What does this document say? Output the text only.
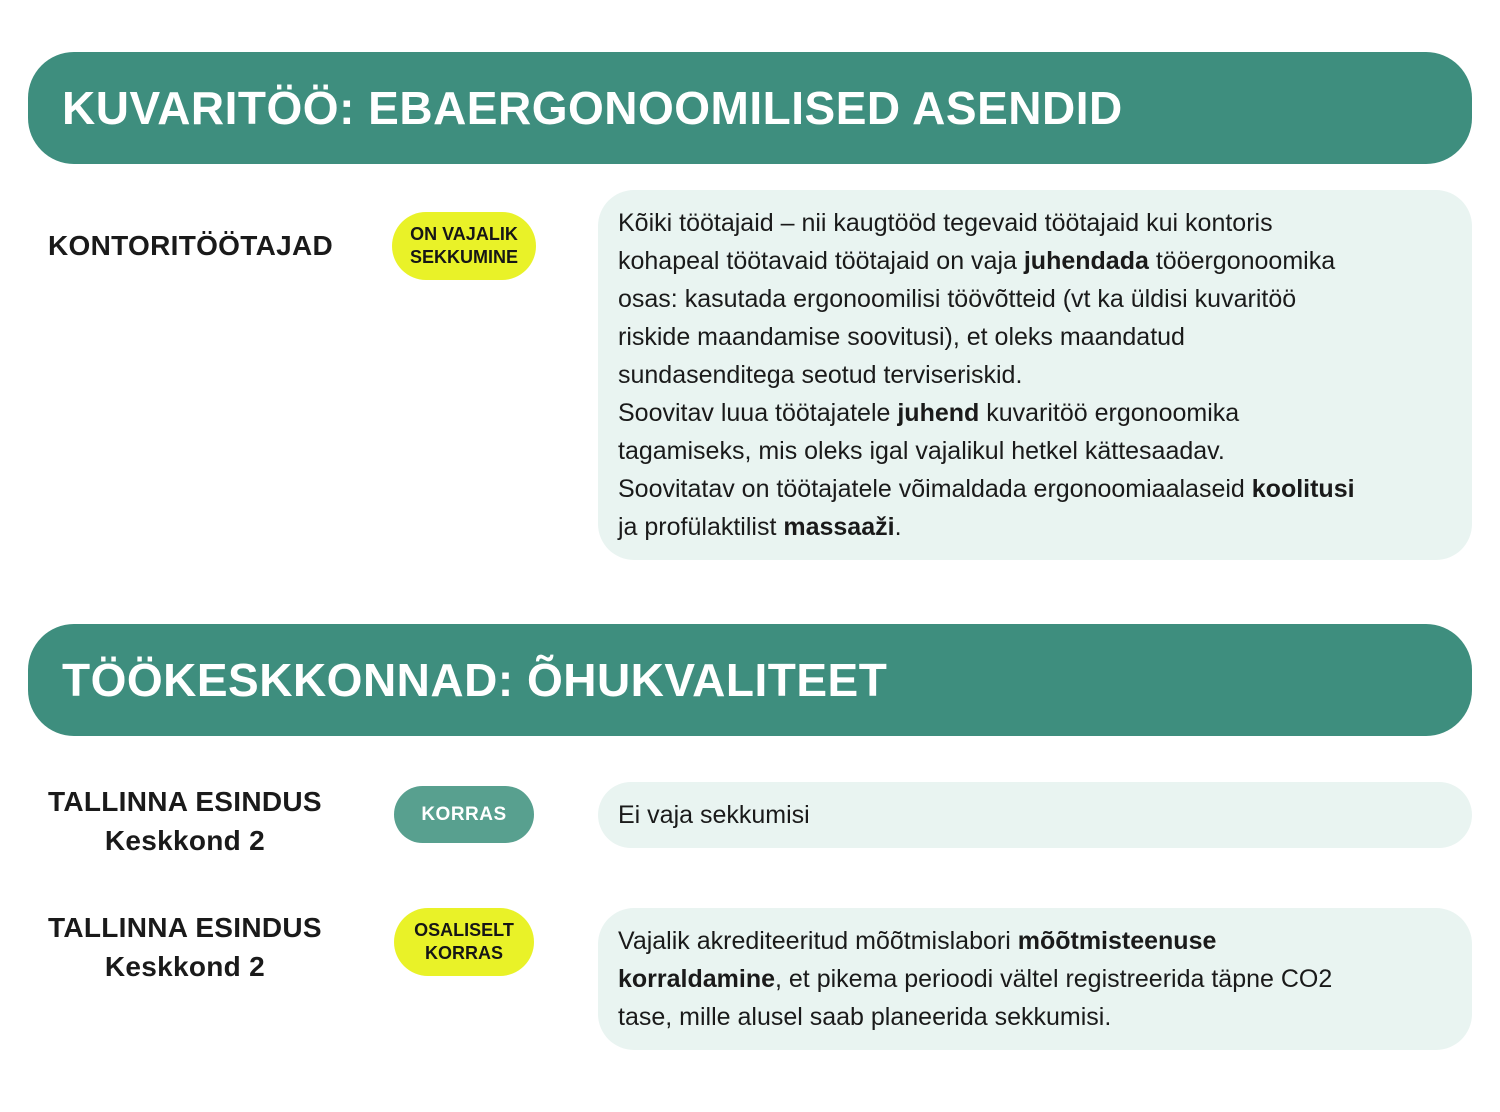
KUVARITÖÖ: EBAERGONOOMILISED ASENDID
KONTORITÖÖTAJAD	ON VAJALIK
SEKKUMINE
Kõiki töötajaid – nii kaugtööd tegevaid töötajaid kui kontoris
kohapeal töötavaid töötajaid on vaja juhendada tööergonoomika
osas: kasutada ergonoomilisi töövõtteid (vt ka üldisi kuvaritöö
riskide maandamise soovitusi), et oleks maandatud
sundasenditega seotud terviseriskid.
Soovitav luua töötajatele juhend kuvaritöö ergonoomika
tagamiseks, mis oleks igal vajalikul hetkel kättesaadav.
Soovitatav on töötajatele võimaldada ergonoomiaalaseid koolitusi
ja profülaktilist massaaži.
TÖÖKESKKONNAD: ÕHUKVALITEET
TALLINNA ESINDUS
Keskkond 2
KORRAS	Ei vaja sekkumisi
TALLINNA ESINDUS
Keskkond 2
OSALISELT
KORRAS	Vajalik akrediteeritud mõõtmislabori mõõtmisteenuse
korraldamine, et pikema perioodi vältel registreerida täpne CO2
tase, mille alusel saab planeerida sekkumisi.
